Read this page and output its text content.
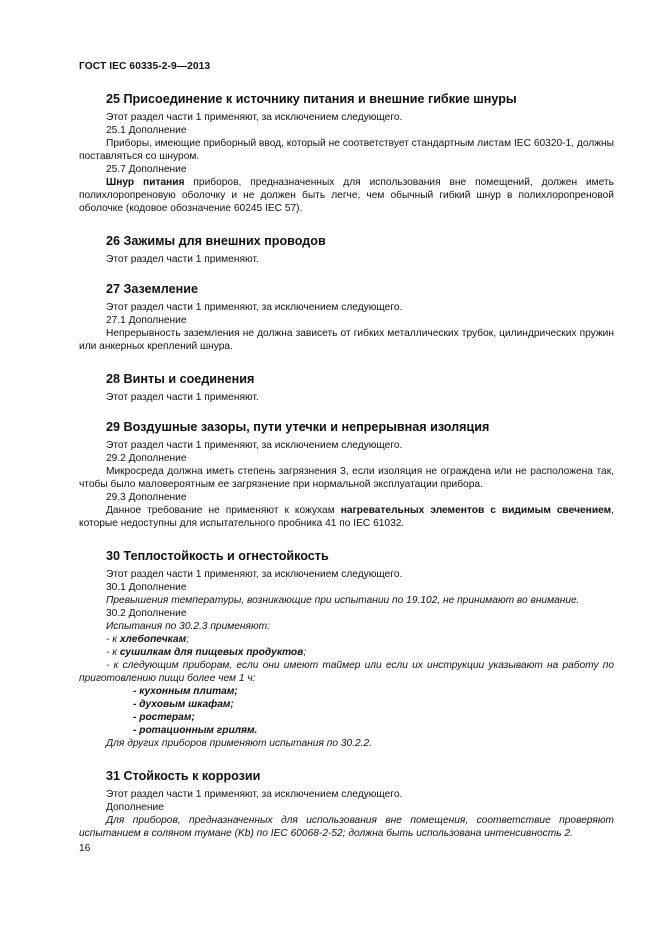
ГОСТ IEC 60335-2-9—2013
25 Присоединение к источнику питания и внешние гибкие шнуры

Этот раздел части 1 применяют, за исключением следующего.

25.1 Дополнение

Приборы, имеющие приборный ввод, который не соответствует стандартным листам IEC 60320-1, должны поставляться со шнуром.

25.7 Дополнение

Шнур питания приборов, предназначенных для использования вне помещений, должен иметь полихлоропреновую оболочку и не должен быть легче, чем обычный гибкий шнур в полихлоропреновой оболочке (кодовое обозначение 60245 IEC 57).

26 Зажимы для внешних проводов

Этот раздел части 1 применяют.

27 Заземление

Этот раздел части 1 применяют, за исключением следующего.

27.1 Дополнение

Непрерывность заземления не должна зависеть от гибких металлических трубок, цилиндрических пружин или анкерных креплений шнура.

28 Винты и соединения

Этот раздел части 1 применяют.

29 Воздушные зазоры, пути утечки и непрерывная изоляция

Этот раздел части 1 применяют, за исключением следующего.

29.2 Дополнение

Микросреда должна иметь степень загрязнения 3, если изоляция не ограждена или не расположена так, чтобы было маловероятным ее загрязнение при нормальной эксплуатации прибора.

29.3 Дополнение

Данное требование не применяют к кожухам нагревательных элементов с видимым свечением, которые недоступны для испытательного пробника 41 по IEC 61032.

30 Теплостойкость и огнестойкость

Этот раздел части 1 применяют, за исключением следующего.

30.1 Дополнение

Превышения температуры, возникающие при испытании по 19.102, не принимают во внимание.

30.2 Дополнение

Испытания по 30.2.3 применяют:

- к хлебопечкам;

- к сушилкам для пищевых продуктов;

- к следующим приборам, если они имеют таймер или если их инструкции указывают на работу по приготовлению пищи более чем 1 ч:

- кухонным плитам;

- духовым шкафам;

- ростерам;

- ротационным грилям.

Для других приборов применяют испытания по 30.2.2.

31 Стойкость к коррозии

Этот раздел части 1 применяют, за исключением следующего.

Дополнение

Для приборов, предназначенных для использования вне помещения, соответствие проверяют испытанием в соляном тумане (Kb) по IEC 60068-2-52; должна быть использована интенсивность 2.

16
